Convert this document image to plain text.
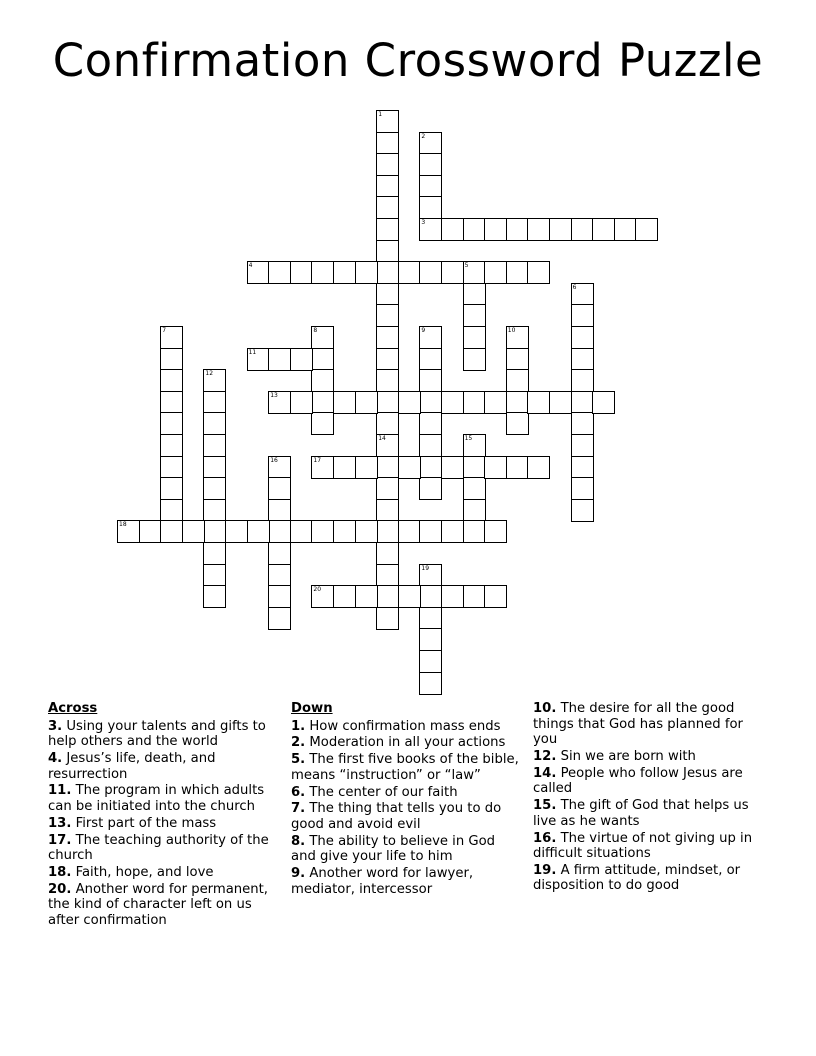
Confirmation Crossword Puzzle
1
14
2
3
4	5
6
7	8	9	10
11
12
13
15
16	17
18
19
20
Across
3. Using your talents and gifts to help others and the world
4. Jesus’s life, death, and resurrection
11. The program in which adults can be initiated into the church
13. First part of the mass
17. The teaching authority of the church
18. Faith, hope, and love
20. Another word for permanent, the kind of character left on us after confirmation
Down
1. How confirmation mass ends
2. Moderation in all your actions
5. The first five books of the bible, means “instruction” or “law”
6. The center of our faith
7. The thing that tells you to do good and avoid evil
8. The ability to believe in God and give your life to him
9. Another word for lawyer, mediator, intercessor
10. The desire for all the good things that God has planned for you
12. Sin we are born with
14. People who follow Jesus are called
15. The gift of God that helps us live as he wants
16. The virtue of not giving up in difficult situations
19. A firm attitude, mindset, or disposition to do good
